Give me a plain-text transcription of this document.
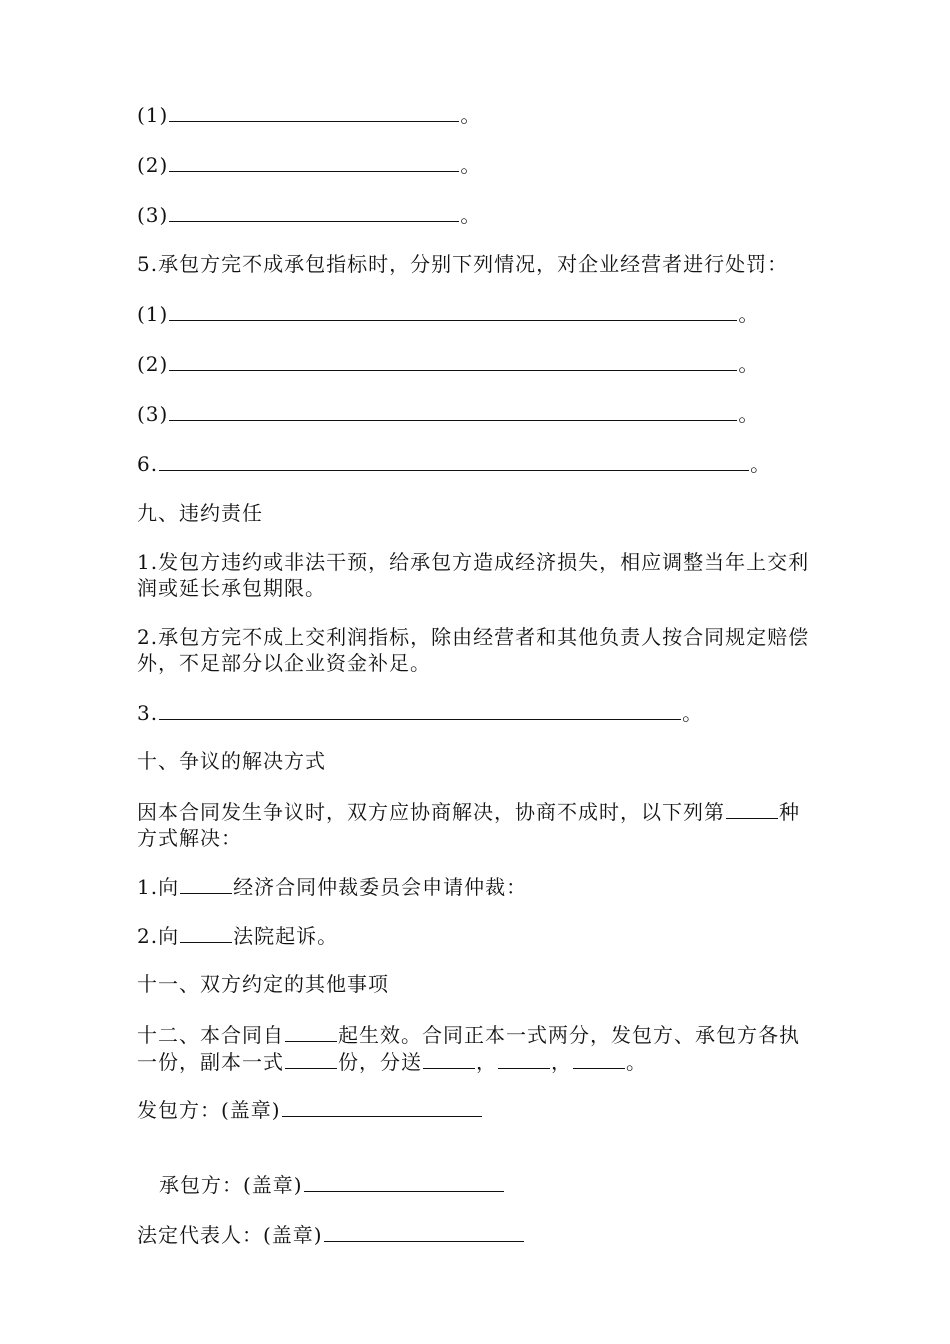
(1)	。
(2)	。
(3)	。
5.承包方完不成承包指标时，分别下列情况，对企业经营者进行处罚：
(1)	。
(2)	。
(3)	。
6.	。
九、违约责任
1.发包方违约或非法干预，给承包方造成经济损失，相应调整当年上交利润或延长承包期限。
2.承包方完不成上交利润指标，除由经营者和其他负责人按合同规定赔偿外，不足部分以企业资金补足。
3.	。
十、争议的解决方式
因本合同发生争议时，双方应协商解决，协商不成时，以下列第	种方式解决：
1.向	经济合同仲裁委员会申请仲裁：
2.向	法院起诉。
十一、双方约定的其他事项
十二、本合同自	起生效。合同正本一式两分，发包方、承包方各执一份，副本一式	份，分送	，	，	。
发包方：(盖章)
承包方：(盖章)
法定代表人：(盖章)
